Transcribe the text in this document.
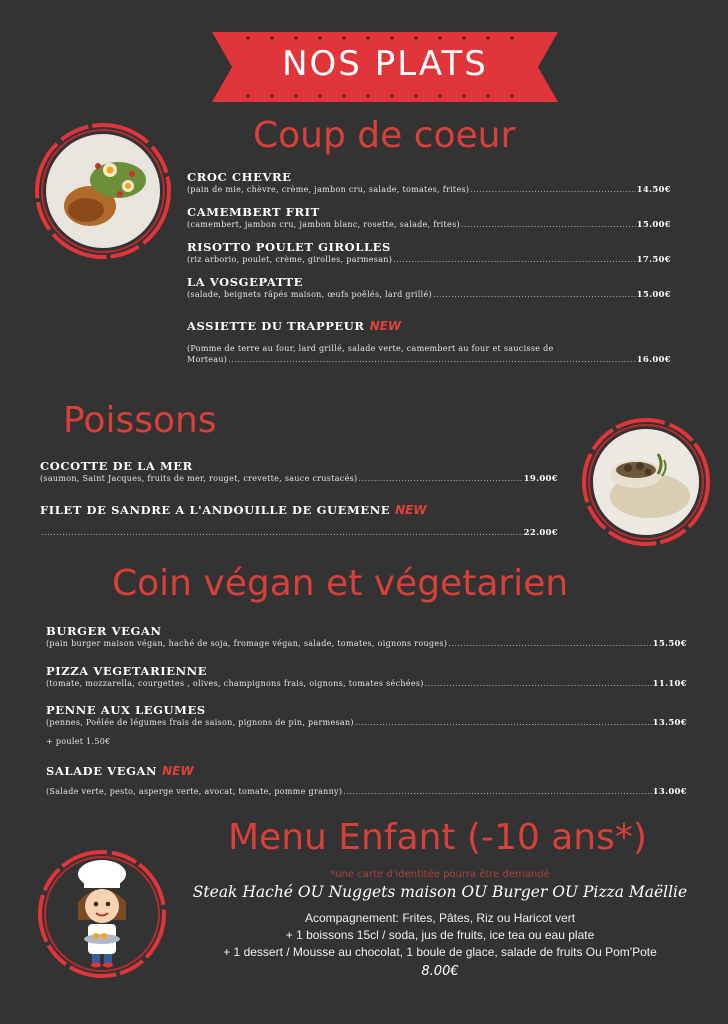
NOS PLATS
Coup de coeur
CROC CHEVRE
(pain de mie, chèvre, crème, jambon cru, salade, tomates, frites) .....	14.50€
CAMEMBERT FRIT
(camembert, jambon cru, jambon blanc, rosette, salade, frites) .....	15.00€
RISOTTO POULET GIROLLES
(riz arborio, poulet, crème, girolles, parmesan) .....	17.50€
LA VOSGEPATTE
(salade, beignets râpés maison, œufs poêlés, lard grillé) .....	15.00€
ASSIETTE DU TRAPPEUR NEW
(Pomme de terre au four, lard grillé, salade verte, camembert au four et saucisse de
Morteau) .....	16.00€
Poissons
COCOTTE DE LA MER
(saumon, Saint Jacques, fruits de mer, rouget, crevette, sauce crustacés) .....	19.00€
FILET DE SANDRE A L'ANDOUILLE DE GUEMENE NEW
.....
22.00€
Coin végan et végetarien
BURGER VEGAN
(pain burger maison végan, haché de soja, fromage végan, salade, tomates, oignons rouges) .....	15.50€
PIZZA VEGETARIENNE
(tomate, mozzarella, courgettes , olives, champignons frais, oignons, tomates séchées) .....	11.10€
PENNE AUX LEGUMES
(pennes, Poêlée de légumes frais de saison, pignons de pin, parmesan) .....	13.50€
+ poulet 1.50€
SALADE VEGAN NEW
(Salade verte, pesto, asperge verte, avocat, tomate, pomme granny) .....	13.00€
Menu Enfant (-10 ans*)
*une carte d'identitée pourra être demandé
Steak Haché OU Nuggets maison OU Burger OU Pizza Maëllie
Acompagnement: Frites, Pâtes, Riz ou Haricot vert
+ 1 boissons 15cl / soda, jus de fruits, ice tea ou eau plate
+ 1 dessert / Mousse au chocolat, 1 boule de glace, salade de fruits Ou Pom'Pote
8.00€
